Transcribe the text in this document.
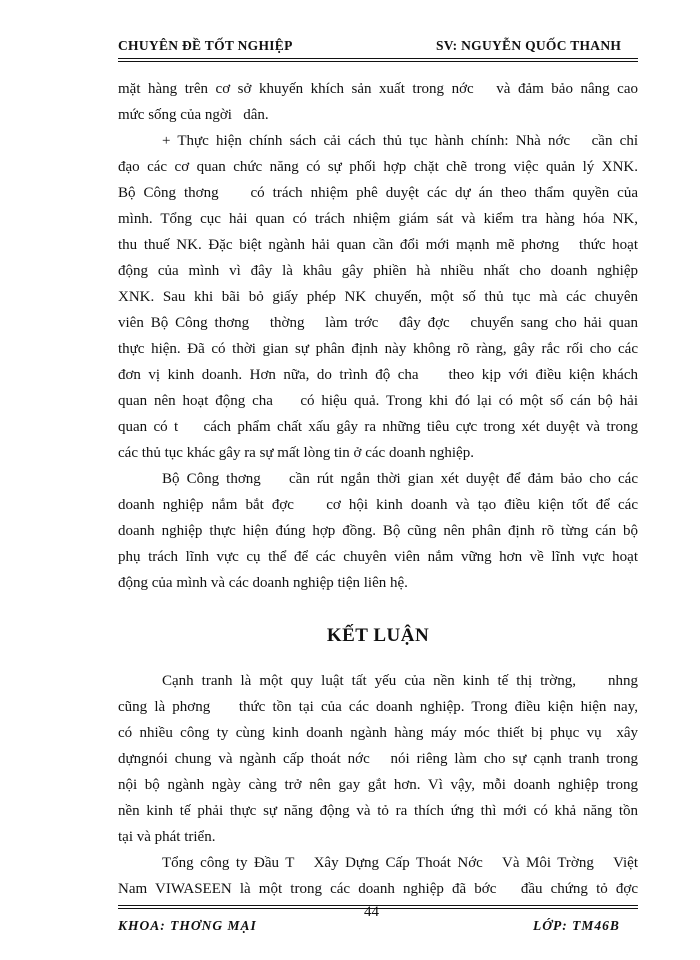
CHUYÊN ĐỀ TỐT NGHIỆP	SV: NGUYỄN QUỐC THANH
mặt hàng trên cơ sở khuyến khích sản xuất trong nớc   và đảm bảo nâng cao
mức sống của ngời   dân.
+ Thực hiện chính sách cải cách thủ tục hành chính: Nhà nớc   cần chỉ
đạo các cơ quan chức năng có sự phối hợp chặt chẽ trong việc quản lý XNK.
Bộ Công thơng    có trách nhiệm phê duyệt các dự án theo thẩm quyền của
mình. Tổng cục hải quan có trách nhiệm giám sát và kiểm tra hàng hóa NK,
thu thuế NK. Đặc biệt ngành hải quan cần đổi mới mạnh mẽ phơng   thức hoạt
động của mình vì đây là khâu gây phiền hà nhiều nhất cho doanh nghiệp
XNK. Sau khi bãi bỏ giấy phép NK chuyến, một số thủ tục mà các chuyên
viên Bộ Công thơng   thờng   làm trớc   đây đợc   chuyển sang cho hải quan
thực hiện. Đã có thời gian sự phân định này không rõ ràng, gây rắc rối cho các
đơn vị kinh doanh. Hơn nữa, do trình độ cha    theo kịp với điều kiện khách
quan nên hoạt động cha    có hiệu quả. Trong khi đó lại có một số cán bộ hải
quan có t    cách phẩm chất xấu gây ra những tiêu cực trong xét duyệt và trong
các thủ tục khác gây ra sự mất lòng tin ở các doanh nghiệp.
Bộ Công thơng    cần rút ngắn thời gian xét duyệt để đảm bảo cho các
doanh nghiệp nắm bắt đợc    cơ hội kinh doanh và tạo điều kiện tốt để các
doanh nghiệp thực hiện đúng hợp đồng. Bộ cũng nên phân định rõ từng cán bộ
phụ trách lĩnh vực cụ thể để các chuyên viên nắm vững hơn về lĩnh vực hoạt
động của mình và các doanh nghiệp tiện liên hệ.
KẾT LUẬN
Cạnh tranh là một quy luật tất yếu của nền kinh tế thị trờng,    nhng
cũng là phơng    thức tồn tại của các doanh nghiệp. Trong điều kiện hiện nay,
có nhiều công ty cùng kinh doanh ngành hàng máy móc thiết bị phục vụ  xây
dựngnói chung và ngành cấp thoát nớc   nói riêng làm cho sự cạnh tranh trong
nội bộ ngành ngày càng trở nên gay gắt hơn. Vì vậy, mỗi doanh nghiệp trong
nền kinh tế phải thực sự năng động và tỏ ra thích ứng thì mới có khả năng tồn
tại và phát triển.
Tổng công ty Đầu T   Xây Dựng Cấp Thoát Nớc   Và Môi Trờng   Việt
Nam VIWASEEN là một trong các doanh nghiệp đã bớc   đầu chứng tỏ đợc
KHOA: THƠNG MẠI
44
LỚP: TM46B
